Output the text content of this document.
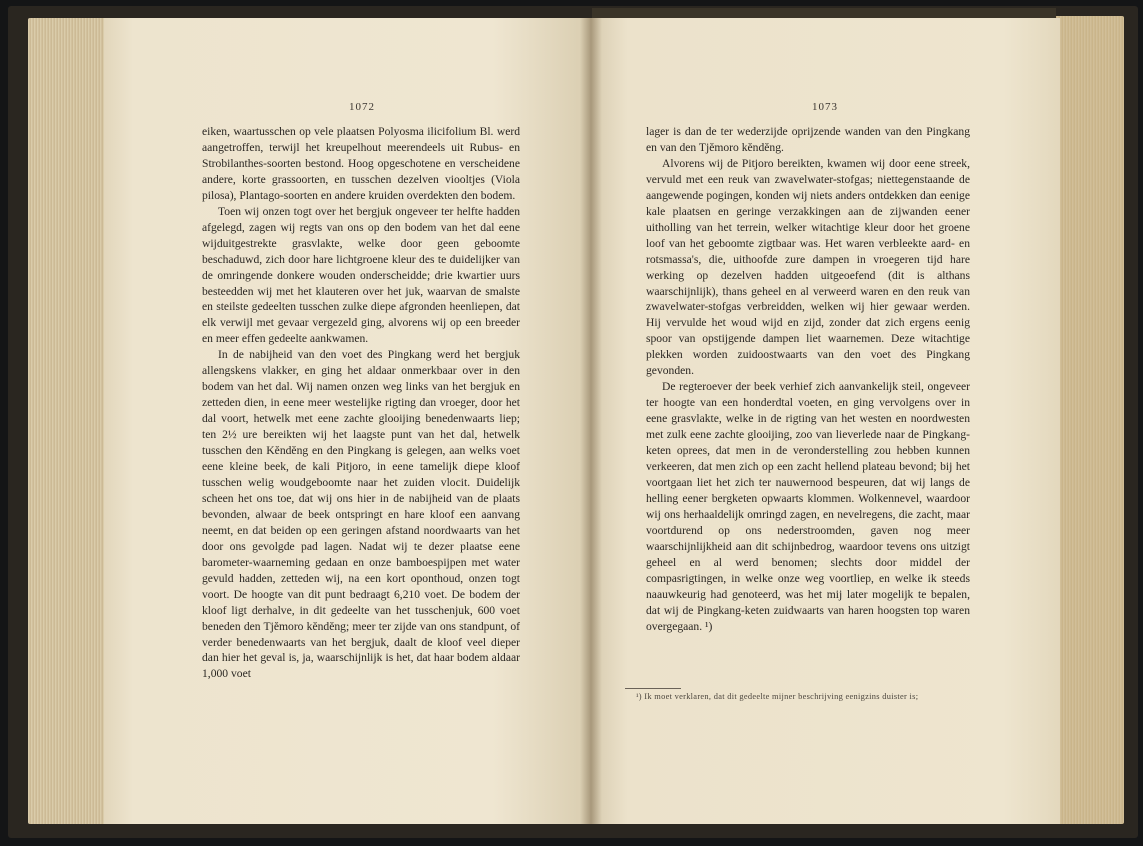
1072	1073

eiken, waartusschen op vele plaatsen Polyosma ilicifolium Bl. werd aangetroffen, terwijl het kreupelhout meerendeels uit Rubus- en Strobilanthes-soorten bestond. Hoog opgeschotene en verscheidene andere, korte grassoorten, en tusschen dezelven viooltjes (Viola pilosa), Plantago-soorten en andere kruiden overdekten den bodem.

Toen wij onzen togt over het bergjuk ongeveer ter helfte hadden afgelegd, zagen wij regts van ons op den bodem van het dal eene wijduitgestrekte grasvlakte, welke door geen geboomte beschaduwd, zich door hare lichtgroene kleur des te duidelijker van de omringende donkere wouden onderscheidde; drie kwartier uurs besteedden wij met het klauteren over het juk, waarvan de smalste en steilste gedeelten tusschen zulke diepe afgronden heenliepen, dat elk verwijl met gevaar vergezeld ging, alvorens wij op een breeder en meer effen gedeelte aankwamen.

In de nabijheid van den voet des Pingkang werd het bergjuk allengskens vlakker, en ging het aldaar onmerkbaar over in den bodem van het dal. Wij namen onzen weg links van het bergjuk en zetteden dien, in eene meer westelijke rigting dan vroeger, door het dal voort, hetwelk met eene zachte glooijing benedenwaarts liep; ten 2½ ure bereikten wij het laagste punt van het dal, hetwelk tusschen den Kĕndĕng en den Pingkang is gelegen, aan welks voet eene kleine beek, de kali Pitjoro, in eene tamelijk diepe kloof tusschen welig woudgeboomte naar het zuiden vlocit. Duidelijk scheen het ons toe, dat wij ons hier in de nabijheid van de plaats bevonden, alwaar de beek ontspringt en hare kloof een aanvang neemt, en dat beiden op een geringen afstand noordwaarts van het door ons gevolgde pad lagen. Nadat wij te dezer plaatse eene barometer-waarneming gedaan en onze bamboespijpen met water gevuld hadden, zetteden wij, na een kort oponthoud, onzen togt voort. De hoogte van dit punt bedraagt 6,210 voet. De bodem der kloof ligt derhalve, in dit gedeelte van het tusschenjuk, 600 voet beneden den Tjĕmoro kĕndĕng; meer ter zijde van ons standpunt, of verder benedenwaarts van het bergjuk, daalt de kloof veel dieper dan hier het geval is, ja, waarschijnlijk is het, dat haar bodem aldaar 1,000 voet

lager is dan de ter wederzijde oprijzende wanden van den Pingkang en van den Tjĕmoro kĕndĕng.

Alvorens wij de Pitjoro bereikten, kwamen wij door eene streek, vervuld met een reuk van zwavelwater-stofgas; niettegenstaande de aangewende pogingen, konden wij niets anders ontdekken dan eenige kale plaatsen en geringe verzakkingen aan de zijwanden eener uitholling van het terrein, welker witachtige kleur door het groene loof van het geboomte zigtbaar was. Het waren verbleekte aard- en rotsmassa's, die, uithoofde zure dampen in vroegeren tijd hare werking op dezelven hadden uitgeoefend (dit is althans waarschijnlijk), thans geheel en al verweerd waren en den reuk van zwavelwater-stofgas verbreidden, welken wij hier gewaar werden. Hij vervulde het woud wijd en zijd, zonder dat zich ergens eenig spoor van opstijgende dampen liet waarnemen. Deze witachtige plekken worden zuidoostwaarts van den voet des Pingkang gevonden.

De regteroever der beek verhief zich aanvankelijk steil, ongeveer ter hoogte van een honderdtal voeten, en ging vervolgens over in eene grasvlakte, welke in de rigting van het westen en noordwesten met zulk eene zachte glooijing, zoo van lieverlede naar de Pingkang-keten oprees, dat men in de veronderstelling zou hebben kunnen verkeeren, dat men zich op een zacht hellend plateau bevond; bij het voortgaan liet het zich ter nauwernood bespeuren, dat wij langs de helling eener bergketen opwaarts klommen. Wolkennevel, waardoor wij ons herhaaldelijk omringd zagen, en nevelregens, die zacht, maar voortdurend op ons nederstroomden, gaven nog meer waarschijnlijkheid aan dit schijnbedrog, waardoor tevens ons uitzigt geheel en al werd benomen; slechts door middel der compasrigtingen, in welke onze weg voortliep, en welke ik steeds naauwkeurig had genoteerd, was het mij later mogelijk te bepalen, dat wij de Pingkang-keten zuidwaarts van haren hoogsten top waren overgegaan. ¹)

¹) Ik moet verklaren, dat dit gedeelte mijner beschrijving eenigzins duister is;
